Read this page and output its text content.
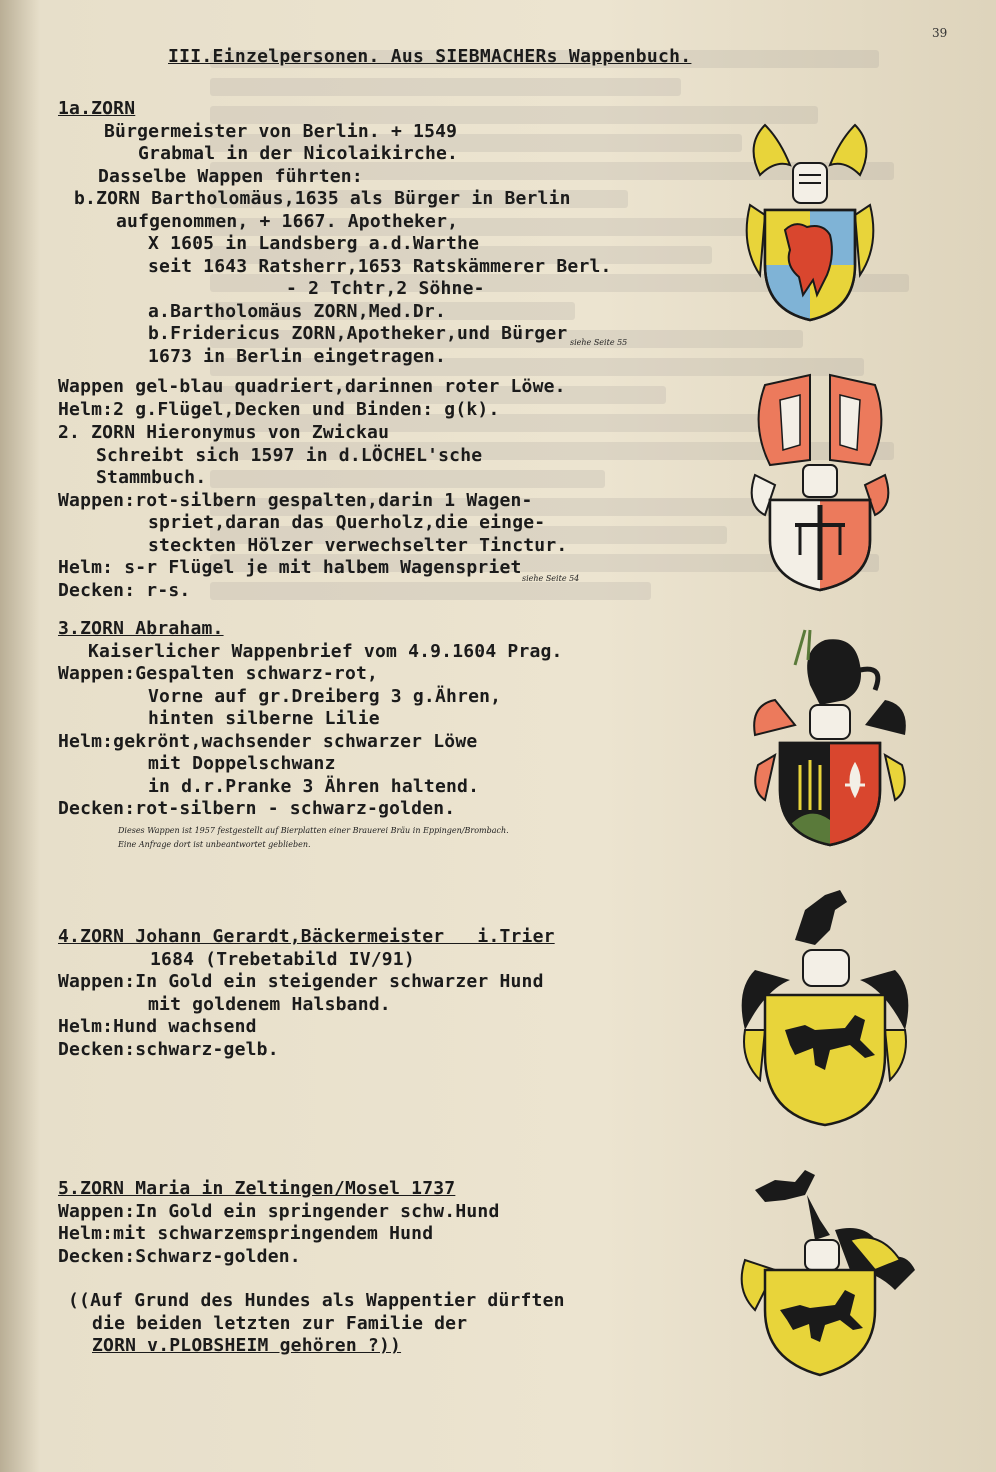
39
III.Einzelpersonen. Aus SIEBMACHERs Wappenbuch.
1a.ZORN
Bürgermeister von Berlin. + 1549
Grabmal in der Nicolaikirche.
Dasselbe Wappen führten:
b.ZORN Bartholomäus,1635 als Bürger in Berlin
aufgenommen, + 1667. Apotheker,
X 1605 in Landsberg a.d.Warthe
seit 1643 Ratsherr,1653 Ratskämmerer Berl.
- 2 Tchtr,2 Söhne-
a.Bartholomäus ZORN,Med.Dr.
b.Fridericus ZORN,Apotheker,und Bürger
1673 in Berlin eingetragen.
Wappen gel-blau quadriert,darinnen roter Löwe.
Helm:2 g.Flügel,Decken und Binden: g(k).
siehe Seite 55
2. ZORN Hieronymus von Zwickau
Schreibt sich 1597 in d.LÖCHEL'sche
Stammbuch.
Wappen:rot-silbern gespalten,darin 1 Wagen-
spriet,daran das Querholz,die einge-
steckten Hölzer verwechselter Tinctur.
Helm: s-r Flügel je mit halbem Wagenspriet
Decken: r-s.
siehe Seite 54
3.ZORN Abraham.
Kaiserlicher Wappenbrief vom 4.9.1604 Prag.
Wappen:Gespalten schwarz-rot,
Vorne auf gr.Dreiberg 3 g.Ähren,
hinten silberne Lilie
Helm:gekrönt,wachsender schwarzer Löwe
mit Doppelschwanz
in d.r.Pranke 3 Ähren haltend.
Decken:rot-silbern - schwarz-golden.
Dieses Wappen ist 1957 festgestellt auf Bierplatten einer Brauerei Bräu in Eppingen/Brombach.
Eine Anfrage dort ist unbeantwortet geblieben.
4.ZORN Johann Gerardt,Bäckermeister   i.Trier
1684 (Trebetabild IV/91)
Wappen:In Gold ein steigender schwarzer Hund
mit goldenem Halsband.
Helm:Hund wachsend
Decken:schwarz-gelb.
5.ZORN Maria in Zeltingen/Mosel 1737
Wappen:In Gold ein springender schw.Hund
Helm:mit schwarzemspringendem Hund
Decken:Schwarz-golden.
((Auf Grund des Hundes als Wappentier dürften
die beiden letzten zur Familie der
ZORN v.PLOBSHEIM gehören ?))
